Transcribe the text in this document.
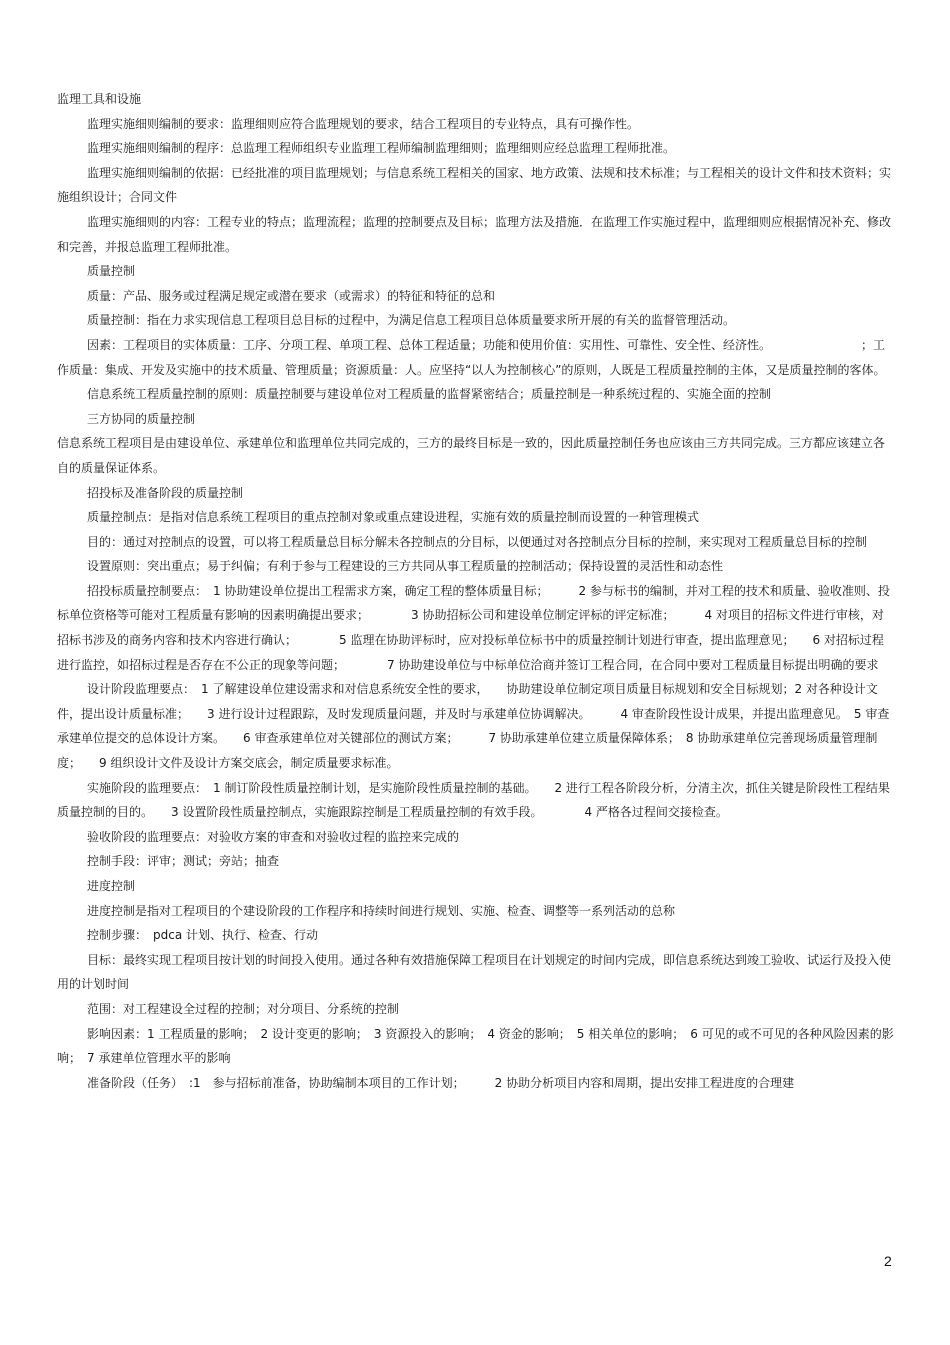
监理工具和设施

监理实施细则编制的要求：监理细则应符合监理规划的要求，结合工程项目的专业特点，具有可操作性。

监理实施细则编制的程序：总监理工程师组织专业监理工程师编制监理细则；监理细则应经总监理工程师批准。

监理实施细则编制的依据：已经批准的项目监理规划；与信息系统工程相关的国家、地方政策、法规和技术标准；与工程相关的设计文件和技术资料；实施组织设计；合同文件

监理实施细则的内容：工程专业的特点；监理流程；监理的控制要点及目标；监理方法及措施．在监理工作实施过程中，监理细则应根据情况补充、修改和完善，并报总监理工程师批准。

质量控制

质量：产品、服务或过程满足规定或潜在要求（或需求）的特征和特征的总和

质量控制：指在力求实现信息工程项目总目标的过程中，为满足信息工程项目总体质量要求所开展的有关的监督管理活动。

因素：工程项目的实体质量：工序、分项工程、单项工程、总体工程适量；功能和使用价值：实用性、可靠性、安全性、经济性。　　　　　　　　；工作质量：集成、开发及实施中的技术质量、管理质量；资源质量：人。应坚持“以人为控制核心”的原则，人既是工程质量控制的主体，又是质量控制的客体。

信息系统工程质量控制的原则：质量控制要与建设单位对工程质量的监督紧密结合；质量控制是一种系统过程的、实施全面的控制

三方协同的质量控制

信息系统工程项目是由建设单位、承建单位和监理单位共同完成的，三方的最终目标是一致的，因此质量控制任务也应该由三方共同完成。三方都应该建立各自的质量保证体系。

招投标及准备阶段的质量控制

质量控制点：是指对信息系统工程项目的重点控制对象或重点建设进程，实施有效的质量控制而设置的一种管理模式

目的：通过对控制点的设置，可以将工程质量总目标分解未各控制点的分目标，以便通过对各控制点分目标的控制，来实现对工程质量总目标的控制

设置原则：突出重点；易于纠偏；有利于参与工程建设的三方共同从事工程质量的控制活动；保持设置的灵活性和动态性

招投标质量控制要点：　1 协助建设单位提出工程需求方案，确定工程的整体质量目标；　　　2 参与标书的编制，并对工程的技术和质量、验收准则、投标单位资格等可能对工程质量有影响的因素明确提出要求；　　　　3 协助招标公司和建设单位制定评标的评定标准；　　　4 对项目的招标文件进行审核，对招标书涉及的商务内容和技术内容进行确认；　　　　5 监理在协助评标时，应对投标单位标书中的质量控制计划进行审查，提出监理意见；　　6 对招标过程进行监控，如招标过程是否存在不公正的现象等问题；　　　　7 协助建设单位与中标单位洽商并签订工程合同，在合同中要对工程质量目标提出明确的要求

设计阶段监理要点：　1 了解建设单位建设需求和对信息系统安全性的要求，　　协助建设单位制定项目质量目标规划和安全目标规划；2 对各种设计文件，提出设计质量标准；　　3 进行设计过程跟踪，及时发现质量问题，并及时与承建单位协调解决。　　　4 审查阶段性设计成果，并提出监理意见。　5 审查承建单位提交的总体设计方案。　　6 审查承建单位对关键部位的测试方案；　　　7 协助承建单位建立质量保障体系；　8 协助承建单位完善现场质量管理制度；　　9 组织设计文件及设计方案交底会，制定质量要求标准。

实施阶段的监理要点：　1 制订阶段性质量控制计划，是实施阶段性质量控制的基础。　　2 进行工程各阶段分析，分清主次，抓住关键是阶段性工程结果质量控制的目的。　　3 设置阶段性质量控制点，实施跟踪控制是工程质量控制的有效手段。　　　　4 严格各过程间交接检查。

验收阶段的监理要点：对验收方案的审查和对验收过程的监控来完成的

控制手段：评审；测试；旁站；抽查

进度控制

进度控制是指对工程项目的个建设阶段的工作程序和持续时间进行规划、实施、检查、调整等一系列活动的总称

控制步骤：　pdca 计划、执行、检查、行动

目标：最终实现工程项目按计划的时间投入使用。通过各种有效措施保障工程项目在计划规定的时间内完成，即信息系统达到竣工验收、试运行及投入使用的计划时间

范围：对工程建设全过程的控制；对分项目、分系统的控制

影响因素：1 工程质量的影响；　2 设计变更的影响；　3 资源投入的影响；　4 资金的影响；　5 相关单位的影响；　6 可见的或不可见的各种风险因素的影响；　7 承建单位管理水平的影响

准备阶段（任务）　:1　参与招标前准备，协助编制本项目的工作计划；　　　2 协助分析项目内容和周期，提出安排工程进度的合理建

2
